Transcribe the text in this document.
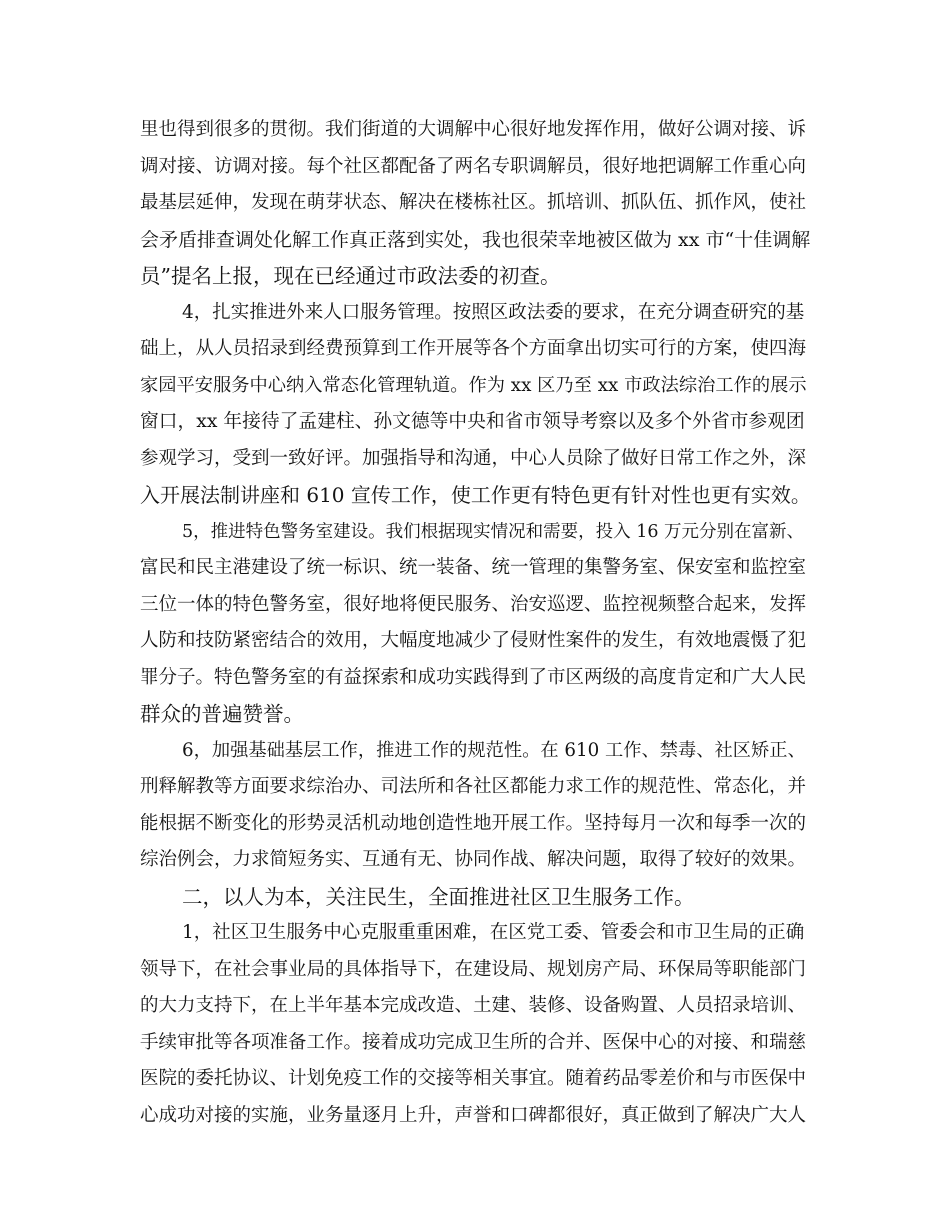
里也得到很多的贯彻。我们街道的大调解中心很好地发挥作用，做好公调对接、诉
调对接、访调对接。每个社区都配备了两名专职调解员，很好地把调解工作重心向
最基层延伸，发现在萌芽状态、解决在楼栋社区。抓培训、抓队伍、抓作风，使社
会矛盾排查调处化解工作真正落到实处，我也很荣幸地被区做为 xx 市“十佳调解
员”提名上报，现在已经通过市政法委的初查。
4，扎实推进外来人口服务管理。按照区政法委的要求，在充分调查研究的基
础上，从人员招录到经费预算到工作开展等各个方面拿出切实可行的方案，使四海
家园平安服务中心纳入常态化管理轨道。作为 xx 区乃至 xx 市政法综治工作的展示
窗口，xx 年接待了孟建柱、孙文德等中央和省市领导考察以及多个外省市参观团
参观学习，受到一致好评。加强指导和沟通，中心人员除了做好日常工作之外，深
入开展法制讲座和 610 宣传工作，使工作更有特色更有针对性也更有实效。
5，推进特色警务室建设。我们根据现实情况和需要，投入 16 万元分别在富新、
富民和民主港建设了统一标识、统一装备、统一管理的集警务室、保安室和监控室
三位一体的特色警务室，很好地将便民服务、治安巡逻、监控视频整合起来，发挥
人防和技防紧密结合的效用，大幅度地减少了侵财性案件的发生，有效地震慑了犯
罪分子。特色警务室的有益探索和成功实践得到了市区两级的高度肯定和广大人民
群众的普遍赞誉。
6，加强基础基层工作，推进工作的规范性。在 610 工作、禁毒、社区矫正、
刑释解教等方面要求综治办、司法所和各社区都能力求工作的规范性、常态化，并
能根据不断变化的形势灵活机动地创造性地开展工作。坚持每月一次和每季一次的
综治例会，力求简短务实、互通有无、协同作战、解决问题，取得了较好的效果。
二，以人为本，关注民生，全面推进社区卫生服务工作。
1，社区卫生服务中心克服重重困难，在区党工委、管委会和市卫生局的正确
领导下，在社会事业局的具体指导下，在建设局、规划房产局、环保局等职能部门
的大力支持下，在上半年基本完成改造、土建、装修、设备购置、人员招录培训、
手续审批等各项准备工作。接着成功完成卫生所的合并、医保中心的对接、和瑞慈
医院的委托协议、计划免疫工作的交接等相关事宜。随着药品零差价和与市医保中
心成功对接的实施，业务量逐月上升，声誉和口碑都很好，真正做到了解决广大人
